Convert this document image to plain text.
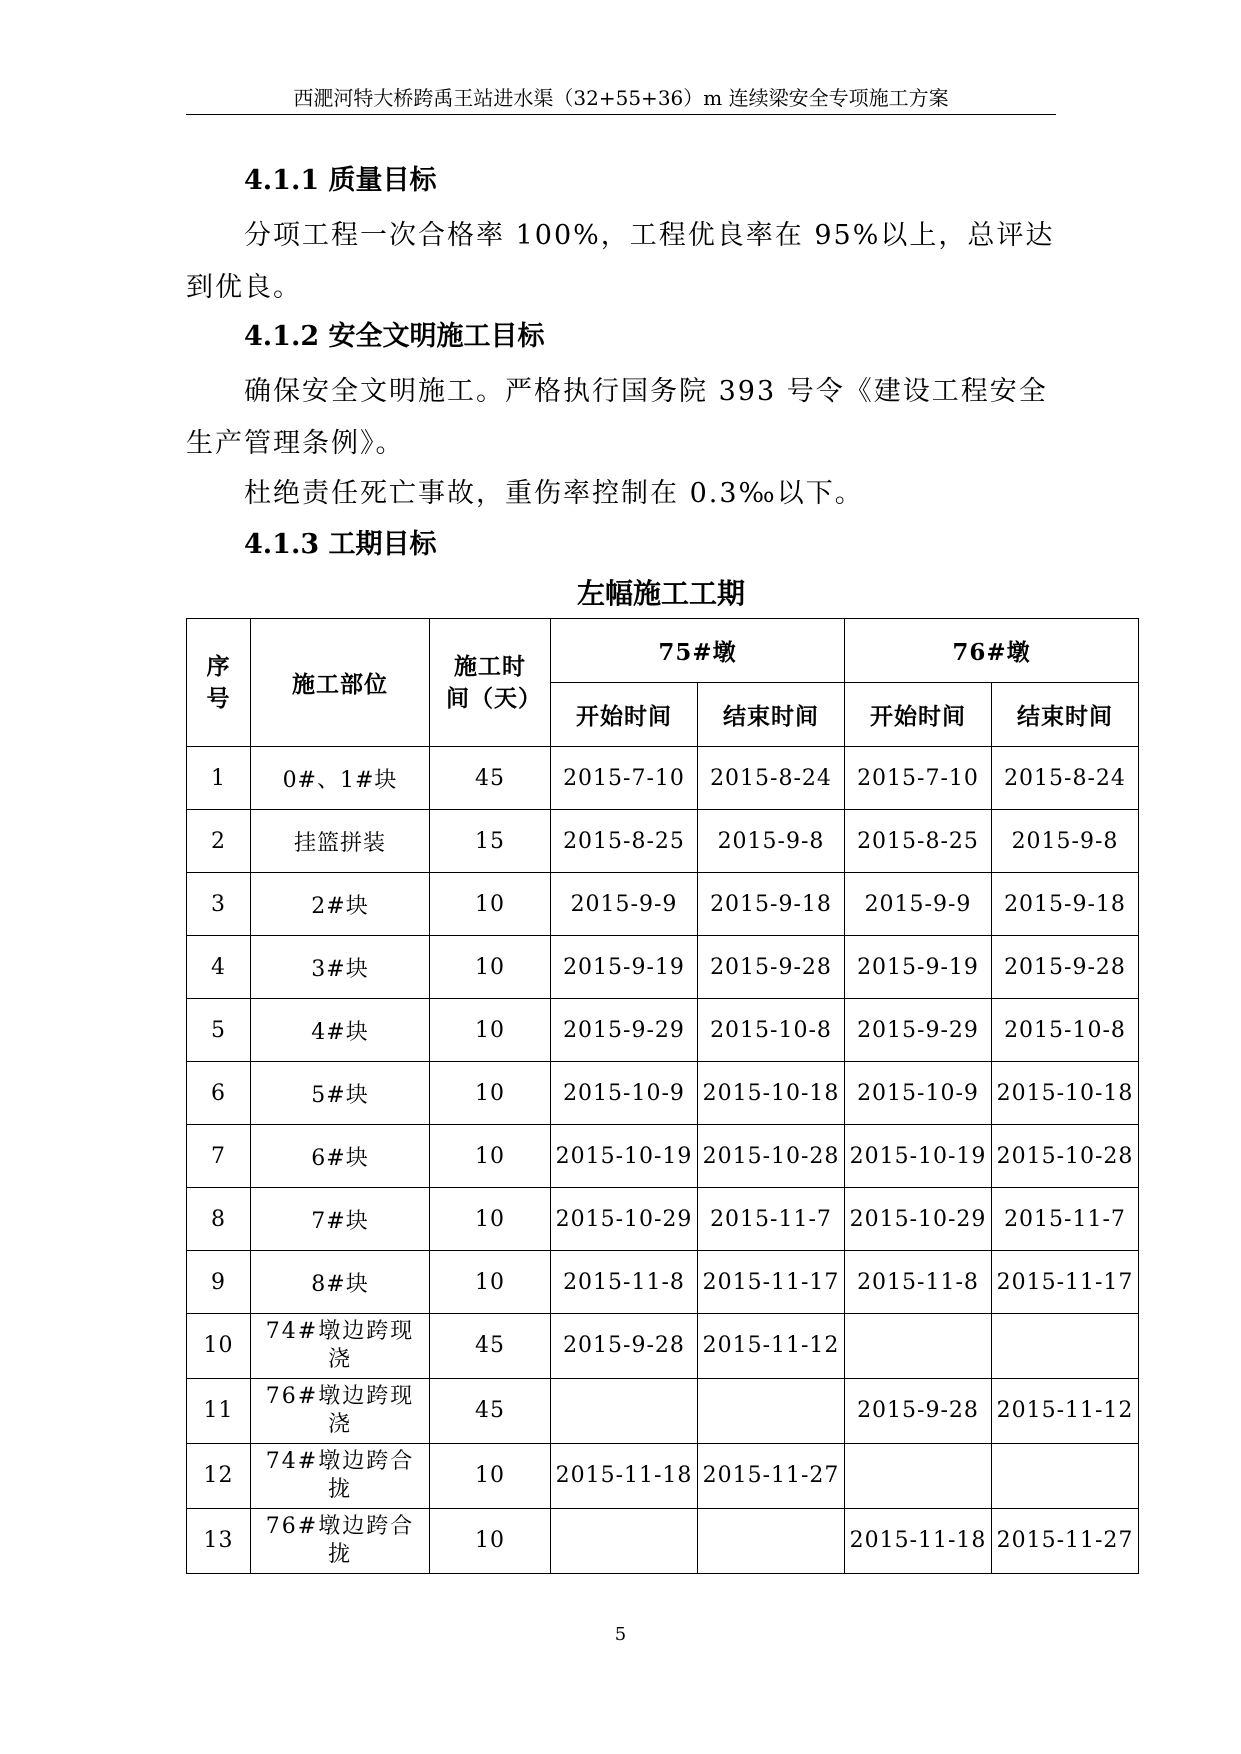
西淝河特大桥跨禹王站进水渠（32+55+36）m 连续梁安全专项施工方案
4.1.1 质量目标
分项工程一次合格率 100%，工程优良率在 95%以上，总评达到优良。
4.1.2 安全文明施工目标
确保安全文明施工。严格执行国务院 393 号令《建设工程安全生产管理条例》。
杜绝责任死亡事故，重伤率控制在 0.3‰以下。
4.1.3 工期目标
左幅施工工期
序号	施工部位	施工时间（天）	75#墩		76#墩	
			开始时间	结束时间	开始时间	结束时间
1	0#、1#块	45	2015-7-10	2015-8-24	2015-7-10	2015-8-24
2	挂篮拼装	15	2015-8-25	2015-9-8	2015-8-25	2015-9-8
3	2#块	10	2015-9-9	2015-9-18	2015-9-9	2015-9-18
4	3#块	10	2015-9-19	2015-9-28	2015-9-19	2015-9-28
5	4#块	10	2015-9-29	2015-10-8	2015-9-29	2015-10-8
6	5#块	10	2015-10-9	2015-10-18	2015-10-9	2015-10-18
7	6#块	10	2015-10-19	2015-10-28	2015-10-19	2015-10-28
8	7#块	10	2015-10-29	2015-11-7	2015-10-29	2015-11-7
9	8#块	10	2015-11-8	2015-11-17	2015-11-8	2015-11-17
10	74#墩边跨现浇	45	2015-9-28	2015-11-12		
11	76#墩边跨现浇	45			2015-9-28	2015-11-12
12	74#墩边跨合拢	10	2015-11-18	2015-11-27		
13	76#墩边跨合拢	10			2015-11-18	2015-11-27
5
